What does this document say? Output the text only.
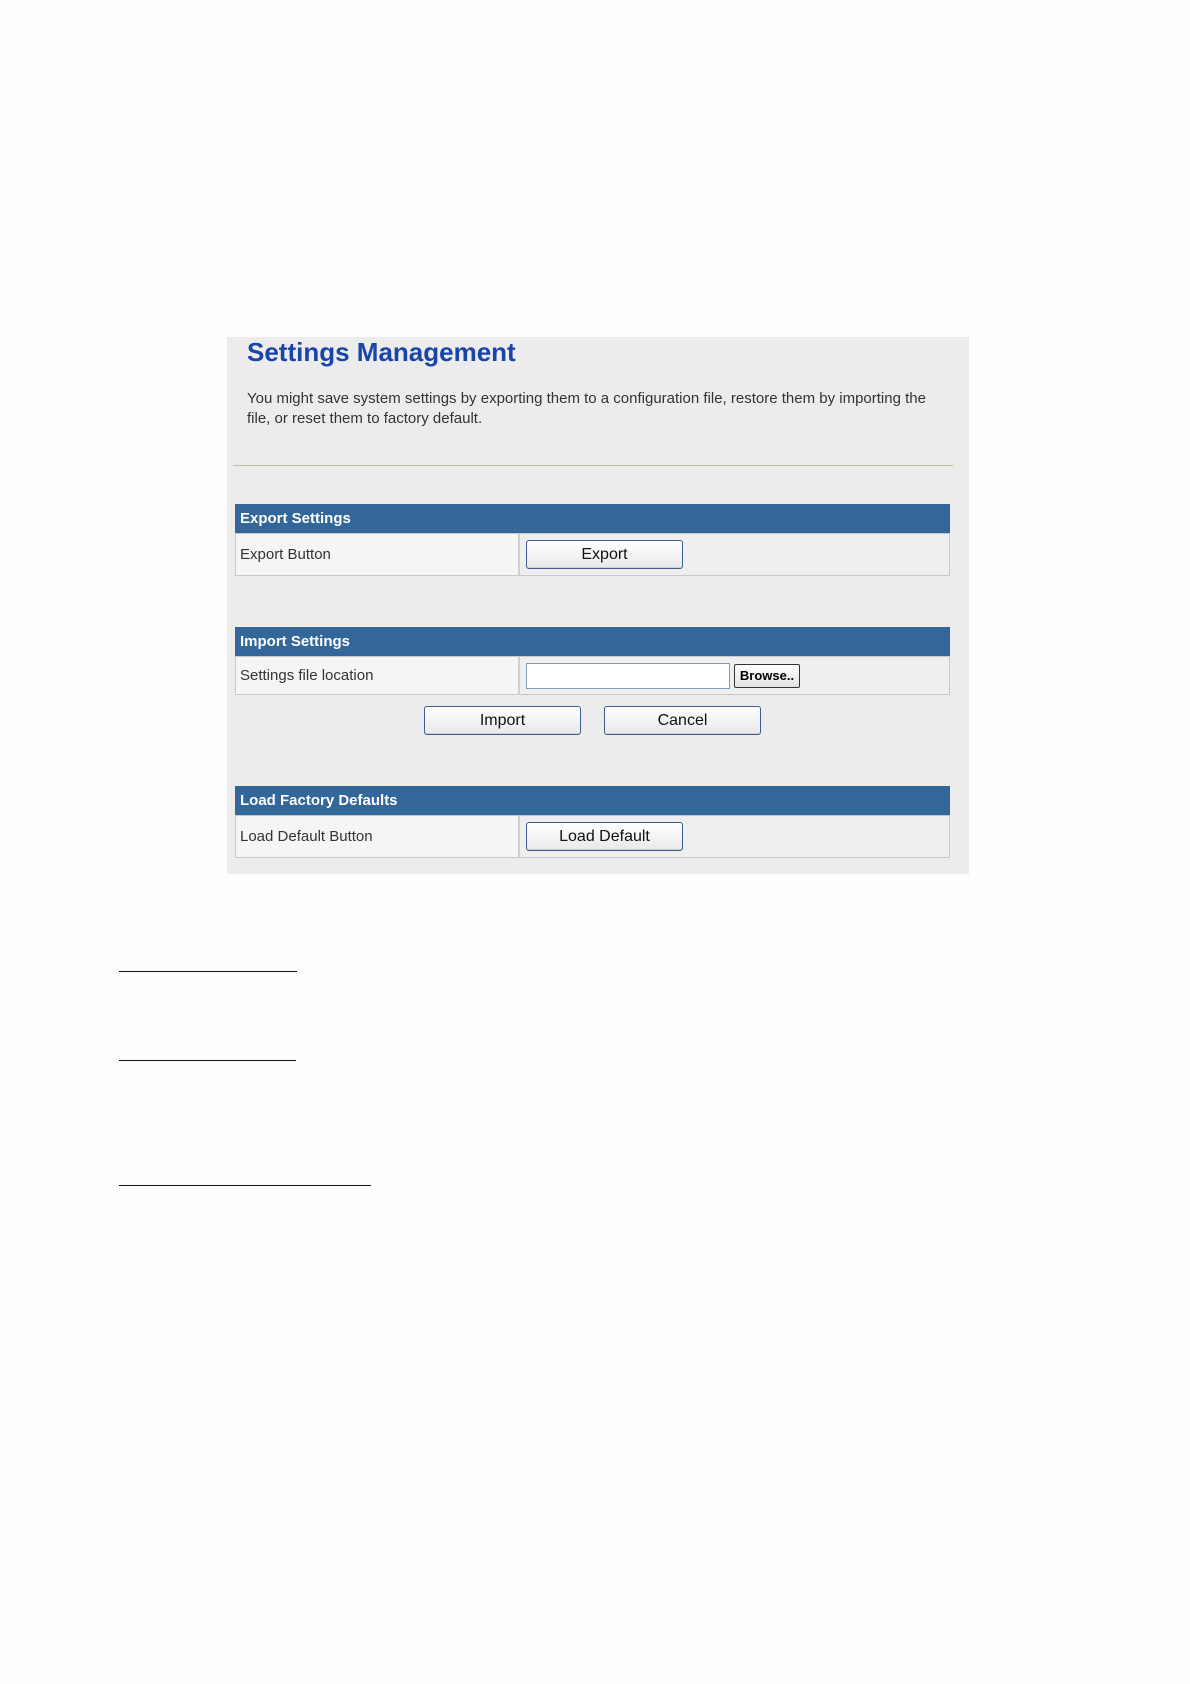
Settings Management

You might save system settings by exporting them to a configuration file, restore them by importing the file, or reset them to factory default.

Export Settings
Export Button	Export
Import Settings
Settings file location	Browse..
Import	Cancel
Load Factory Defaults
Load Default Button	Load Default
